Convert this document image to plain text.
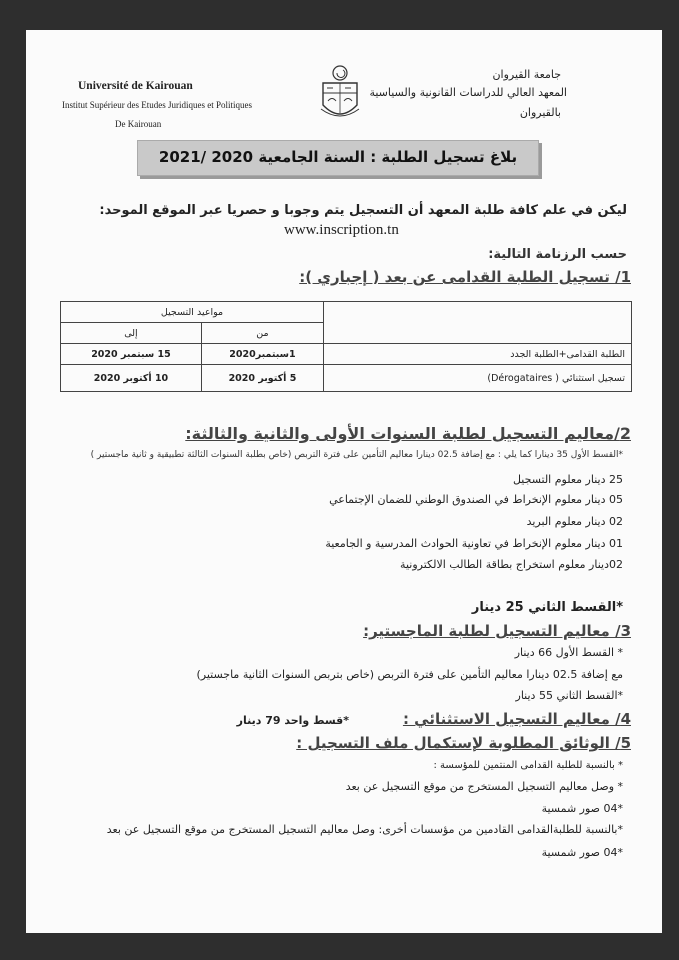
Université de Kairouan
Institut Supérieur des Etudes Juridiques et Politiques
De Kairouan
جامعة القيروان
المعهد العالي للدراسات القانونية والسياسية
بالقيروان
بلاغ تسجيل الطلبة : السنة الجامعية 2020 /2021
ليكن في علم كافة طلبة المعهد أن التسجيل يتم وجوبا و حصريا عبر الموقع الموحد:
www.inscription.tn
حسب الرزنامة التالية:
1/ تسجيل الطلبة القدامى عن بعد ( إجباري ):
مواعيد التسجيل		
إلى	من	
15 سبتمبر 2020	1سبتمبر2020	الطلبة القدامى+الطلبة الجدد
10 أكتوبر 2020	5 أكتوبر 2020	تسجيل استثنائي ( Dérogataires)
2/معاليم التسجيل لطلبة السنوات الأولى والثانية والثالثة:
*القسط الأول 35 دينارا كما يلي : مع إضافة 02.5 دينارا معاليم التأمين على فترة التربص (خاص بطلبة السنوات الثالثة تطبيقية و ثانية ماجستير )
25 دينار معلوم التسجيل
05 دينار معلوم الإنخراط في الصندوق الوطني للضمان الإجتماعي
02 دينار معلوم البريد
01 دينار معلوم الإنخراط في تعاونية الحوادث المدرسية و الجامعية
02دينار معلوم استخراج بطاقة الطالب الالكترونية
*القسط الثاني 25 دينار
3/ معاليم التسجيل لطلبة الماجستير:
* القسط الأول 66 دينار
مع إضافة 02.5 دينارا معاليم التأمين على فترة التربص (خاص بتربص السنوات الثانية ماجستير)
*القسط الثاني 55 دينار
4/ معاليم التسجيل الاستثنائي :
*قسط واحد 79 دينار
5/ الوثائق المطلوبة لإستكمال ملف التسجيل :
* بالنسبة للطلبة القدامى المنتمين للمؤسسة :
* وصل معاليم التسجيل المستخرج من موقع التسجيل عن بعد
*04 صور شمسية
*بالنسبة للطلبةالقدامى القادمين من مؤسسات أخرى: وصل معاليم التسجيل المستخرج من موقع التسجيل عن بعد
*04 صور شمسية
